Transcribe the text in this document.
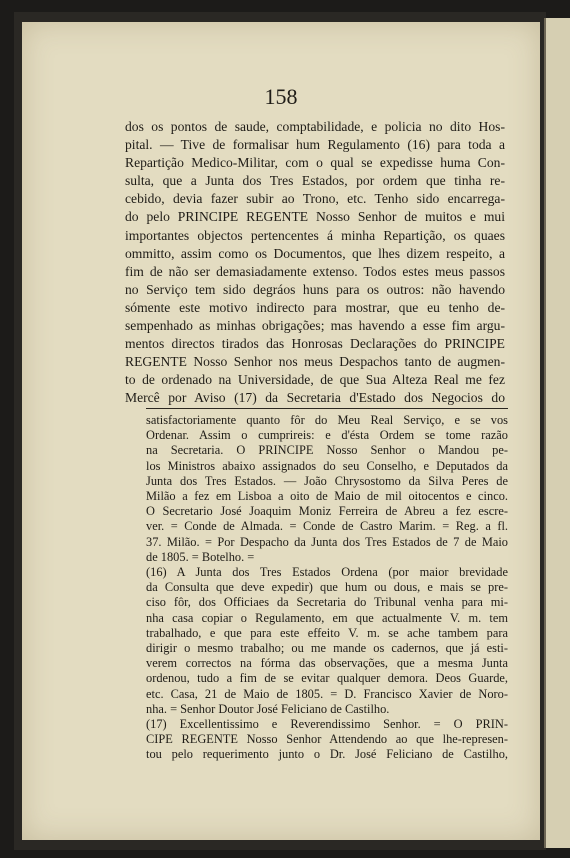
158
dos os pontos de saude, comptabilidade, e policia no dito Hos-
pital. — Tive de formalisar hum Regulamento (16) para toda a
Repartição Medico-Militar, com o qual se expedisse huma Con-
sulta, que a Junta dos Tres Estados, por ordem que tinha re-
cebido, devia fazer subir ao Trono, etc. Tenho sido encarrega-
do pelo PRINCIPE REGENTE Nosso Senhor de muitos e mui
importantes objectos pertencentes á minha Repartição, os quaes
ommitto, assim como os Documentos, que lhes dizem respeito, a
fim de não ser demasiadamente extenso. Todos estes meus passos
no Serviço tem sido degráos huns para os outros: não havendo
sómente este motivo indirecto para mostrar, que eu tenho de-
sempenhado as minhas obrigações; mas havendo a esse fim argu-
mentos directos tirados das Honrosas Declarações do PRINCIPE
REGENTE Nosso Senhor nos meus Despachos tanto de augmen-
to de ordenado na Universidade, de que Sua Alteza Real me fez
Mercê por Aviso (17) da Secretaria d'Estado dos Negocios do
satisfactoriamente quanto fôr do Meu Real Serviço, e se vos
Ordenar. Assim o cumprireis: e d'ésta Ordem se tome razão
na Secretaria. O PRINCIPE Nosso Senhor o Mandou pe-
los Ministros abaixo assignados do seu Conselho, e Deputados da
Junta dos Tres Estados. — João Chrysostomo da Silva Peres de
Milão a fez em Lisboa a oito de Maio de mil oitocentos e cinco.
O Secretario José Joaquim Moniz Ferreira de Abreu a fez escre-
ver. = Conde de Almada. = Conde de Castro Marim. = Reg. a fl.
37. Milão. = Por Despacho da Junta dos Tres Estados de 7 de Maio
de 1805. = Botelho. =
(16) A Junta dos Tres Estados Ordena (por maior brevidade
da Consulta que deve expedir) que hum ou dous, e mais se pre-
ciso fôr, dos Officiaes da Secretaria do Tribunal venha para mi-
nha casa copiar o Regulamento, em que actualmente V. m. tem
trabalhado, e que para este effeito V. m. se ache tambem para
dirigir o mesmo trabalho; ou me mande os cadernos, que já esti-
verem correctos na fórma das observações, que a mesma Junta
ordenou, tudo a fim de se evitar qualquer demora. Deos Guarde,
etc. Casa, 21 de Maio de 1805. = D. Francisco Xavier de Noro-
nha. = Senhor Doutor José Feliciano de Castilho.
(17) Excellentissimo e Reverendissimo Senhor. = O PRIN-
CIPE REGENTE Nosso Senhor Attendendo ao que lhe-represen-
tou pelo requerimento junto o Dr. José Feliciano de Castilho,
